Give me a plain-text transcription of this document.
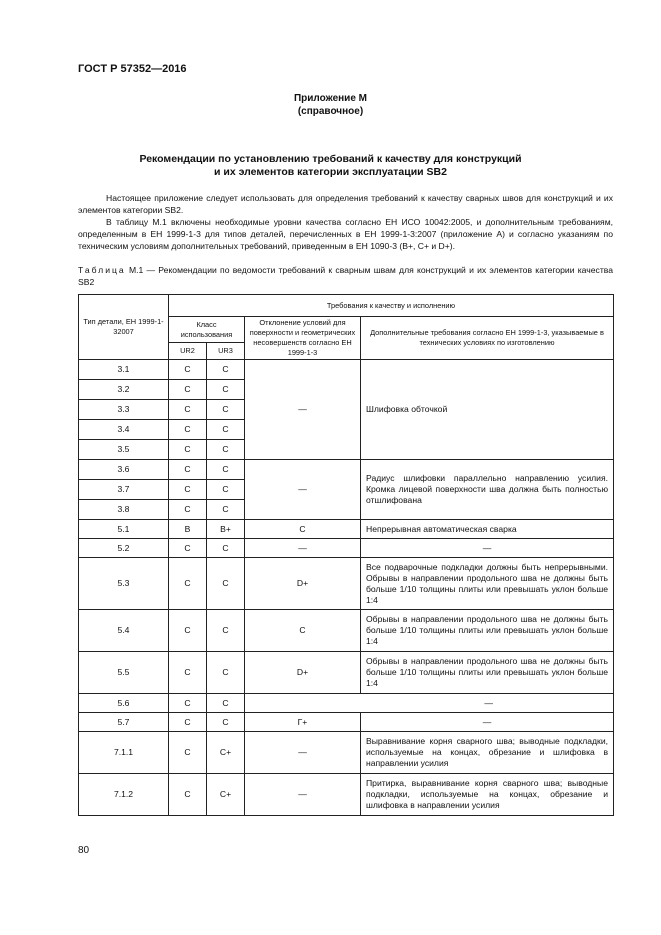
ГОСТ Р 57352—2016
Приложение М
(справочное)
Рекомендации по установлению требований к качеству для конструкций
и их элементов категории эксплуатации SB2

Настоящее приложение следует использовать для определения требований к качеству сварных швов для конструкций и их элементов категории SB2.

В таблицу М.1 включены необходимые уровни качества согласно ЕН ИСО 10042:2005, и дополнительным требованиям, определенным в ЕН 1999-1-3 для типов деталей, перечисленных в ЕН 1999-1-3:2007 (приложение А) и согласно указаниям по техническим условиям дополнительных требований, приведенным в ЕН 1090-3 (B+, C+ и D+).

Таблица М.1 — Рекомендации по ведомости требований к сварным швам для конструкций и их элементов категории качества SB2
Тип детали, ЕН 1999-1-32007	Требования к качеству и исполнению			
	Класс использования		Отклонение условий для поверхности и геометрических несовершенств согласно ЕН 1999-1-3	Дополнительные требования согласно ЕН 1999-1-3, указываемые в технических условиях по изготовлению
	UR2	UR3		
3.1	C	C	—	Шлифовка обточкой
3.2	C	C		
3.3	C	C		
3.4	C	C		
3.5	C	C		
3.6	C	C	—	Радиус шлифовки параллельно направлению усилия. Кромка лицевой поверхности шва должна быть полностью отшлифована
3.7	C	C		
3.8	C	C		
5.1	B	B+	C	Непрерывная автоматическая сварка
5.2	C	C	—	—
5.3	C	C	D+	Все подварочные подкладки должны быть непрерывными. Обрывы в направлении продольного шва не должны быть больше 1/10 толщины плиты или превышать уклон больше 1:4
5.4	C	C	C	Обрывы в направлении продольного шва не должны быть больше 1/10 толщины плиты или превышать уклон больше 1:4
5.5	C	C	D+	Обрывы в направлении продольного шва не должны быть больше 1/10 толщины плиты или превышать уклон больше 1:4
5.6	C	C	—	
5.7	C	C	Г+	—
7.1.1	C	C+	—	Выравнивание корня сварного шва; выводные подкладки, используемые на концах, обрезание и шлифовка в направлении усилия
7.1.2	C	C+	—	Притирка, выравнивание корня сварного шва; выводные подкладки, используемые на концах, обрезание и шлифовка в направлении усилия
80
